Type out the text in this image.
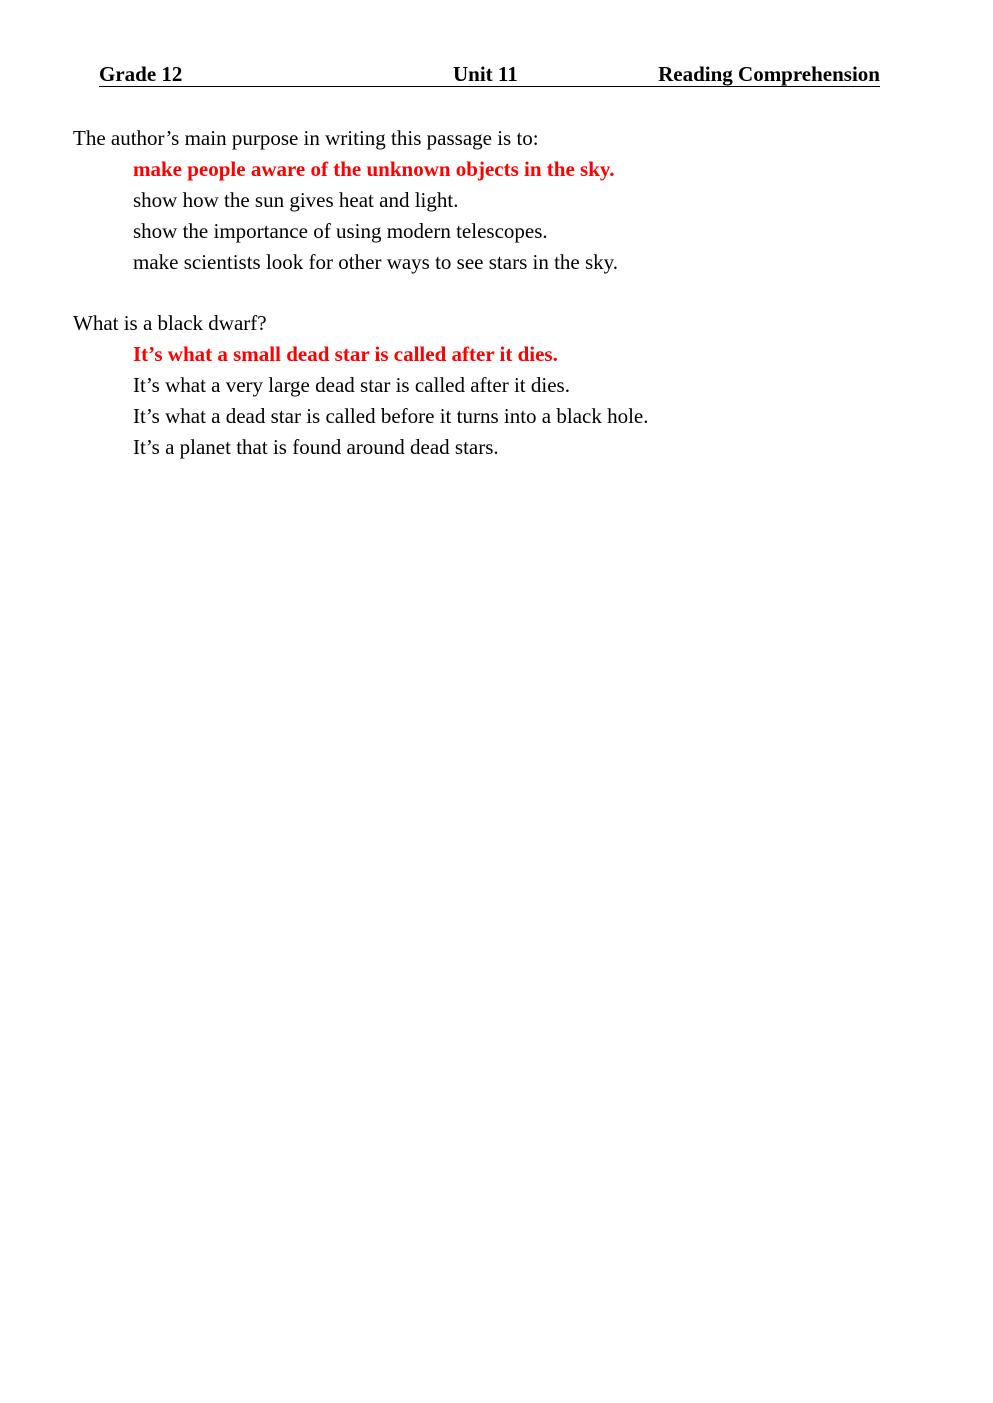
Grade 12	Unit 11	Reading Comprehension
The author’s main purpose in writing this passage is to:
make people aware of the unknown objects in the sky.
show how the sun gives heat and light.
show the importance of using modern telescopes.
make scientists look for other ways to see stars in the sky.
What is a black dwarf?
It’s what a small dead star is called after it dies.
It’s what a very large dead star is called after it dies.
It’s what a dead star is called before it turns into a black hole.
It’s a planet that is found around dead stars.
